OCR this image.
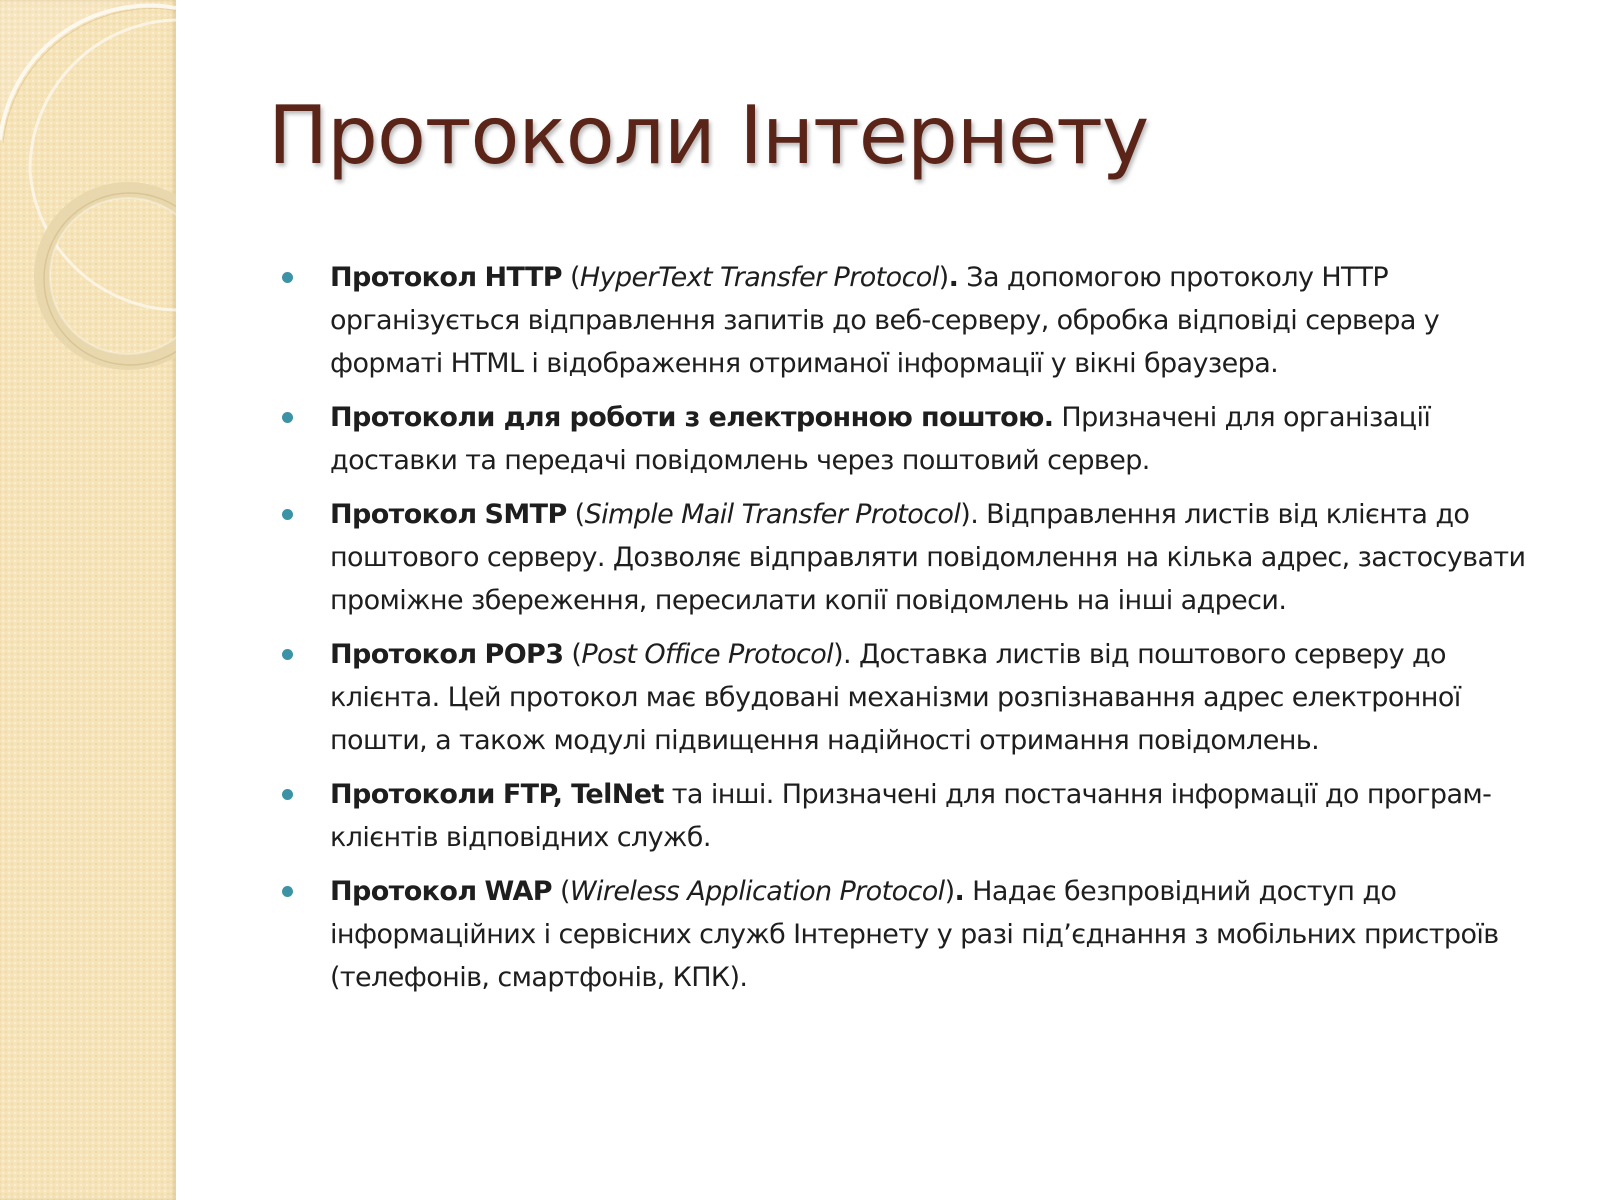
Протоколи Інтернету
Протокол HTTP (HyperText Transfer Protocol). За допомогою протоколу HTTP організується відправлення запитів до веб-серверу, обробка відповіді сервера у форматі HTML і відображення отриманої інформації у вікні браузера.
Протоколи для роботи з електронною поштою. Призначені для організації доставки та передачі повідомлень через поштовий сервер.
Протокол SMTP (Simple Mail Transfer Protocol). Відправлення листів від клієнта до поштового серверу. Дозволяє відправляти повідомлення на кілька адрес, застосувати проміжне збереження, пересилати копії повідомлень на інші адреси.
Протокол POP3 (Post Office Protocol). Доставка листів від поштового серверу до клієнта. Цей протокол має вбудовані механізми розпізнавання адрес електронної пошти, а також модулі підвищення надійності отримання повідомлень.
Протоколи FTP, TelNet та інші. Призначені для постачання інформації до програм-клієнтів відповідних служб.
Протокол WAP (Wireless Application Protocol). Надає безпровідний доступ до інформаційних і сервісних служб Інтернету у разі під’єднання з мобільних пристроїв (телефонів, смартфонів, КПК).
